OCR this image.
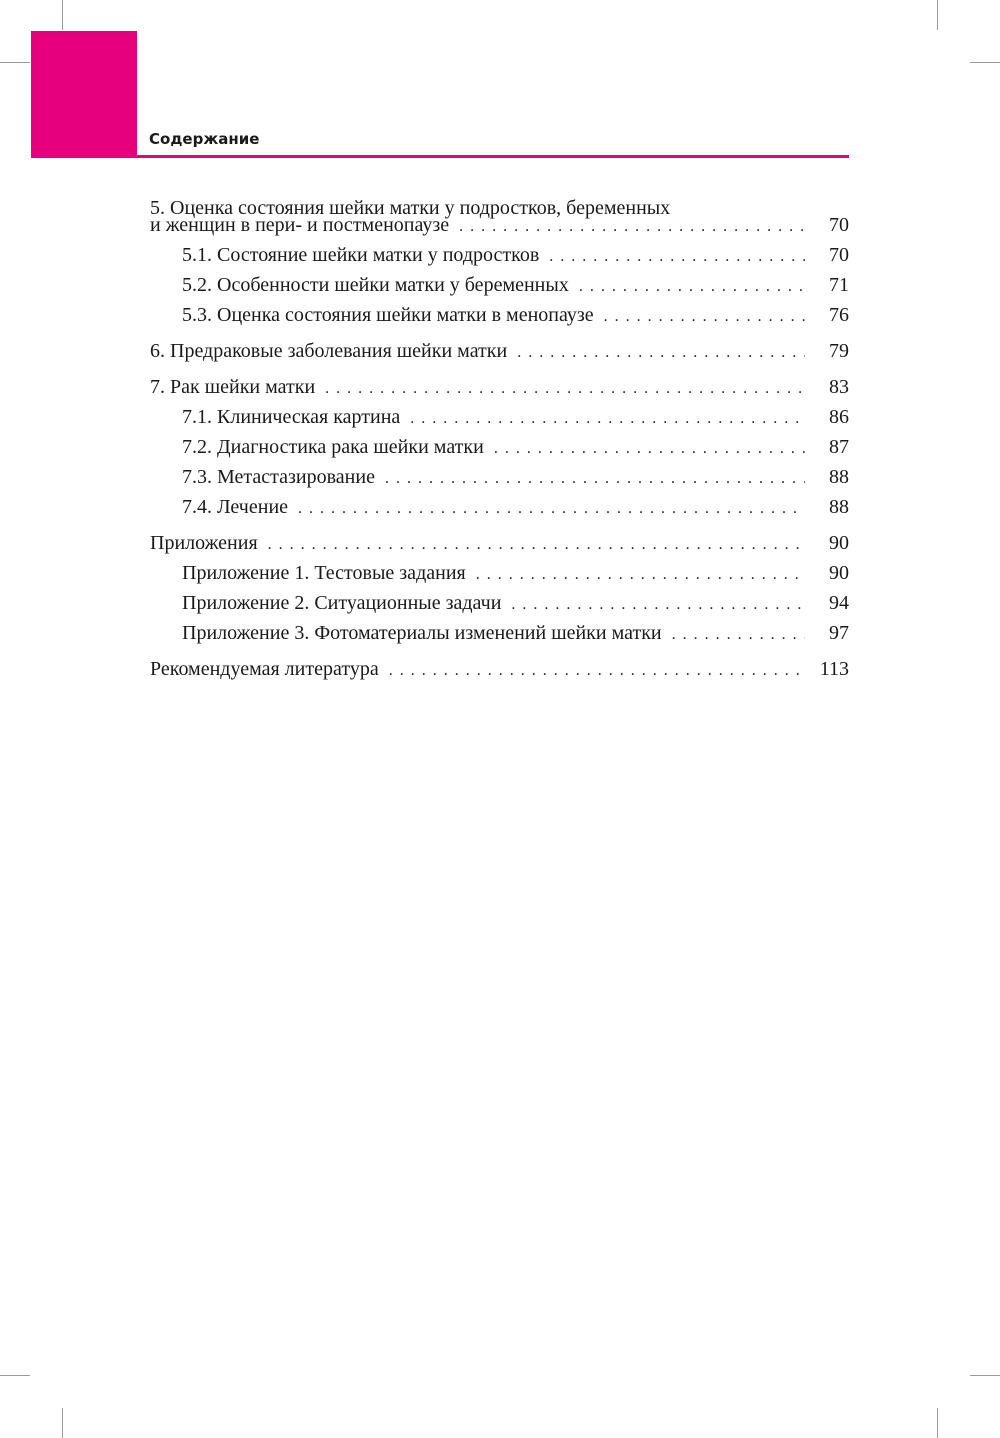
Содержание
5. Оценка состояния шейки матки у подростков, беременных
и женщин в пери- и постменопаузе . . .	70
5.1. Состояние шейки матки у подростков . . .	70
5.2. Особенности шейки матки у беременных . . .	71
5.3. Оценка состояния шейки матки в менопаузе . . .	76
6. Предраковые заболевания шейки матки . . .	79
7. Рак шейки матки . . .	83
7.1. Клиническая картина . . .	86
7.2. Диагностика рака шейки матки . . .	87
7.3. Метастазирование . . .	88
7.4. Лечение . . .	88
Приложения . . .	90
Приложение 1. Тестовые задания . . .	90
Приложение 2. Ситуационные задачи . . .	94
Приложение 3. Фотоматериалы изменений шейки матки . . .	97
Рекомендуемая литература . . .	113
